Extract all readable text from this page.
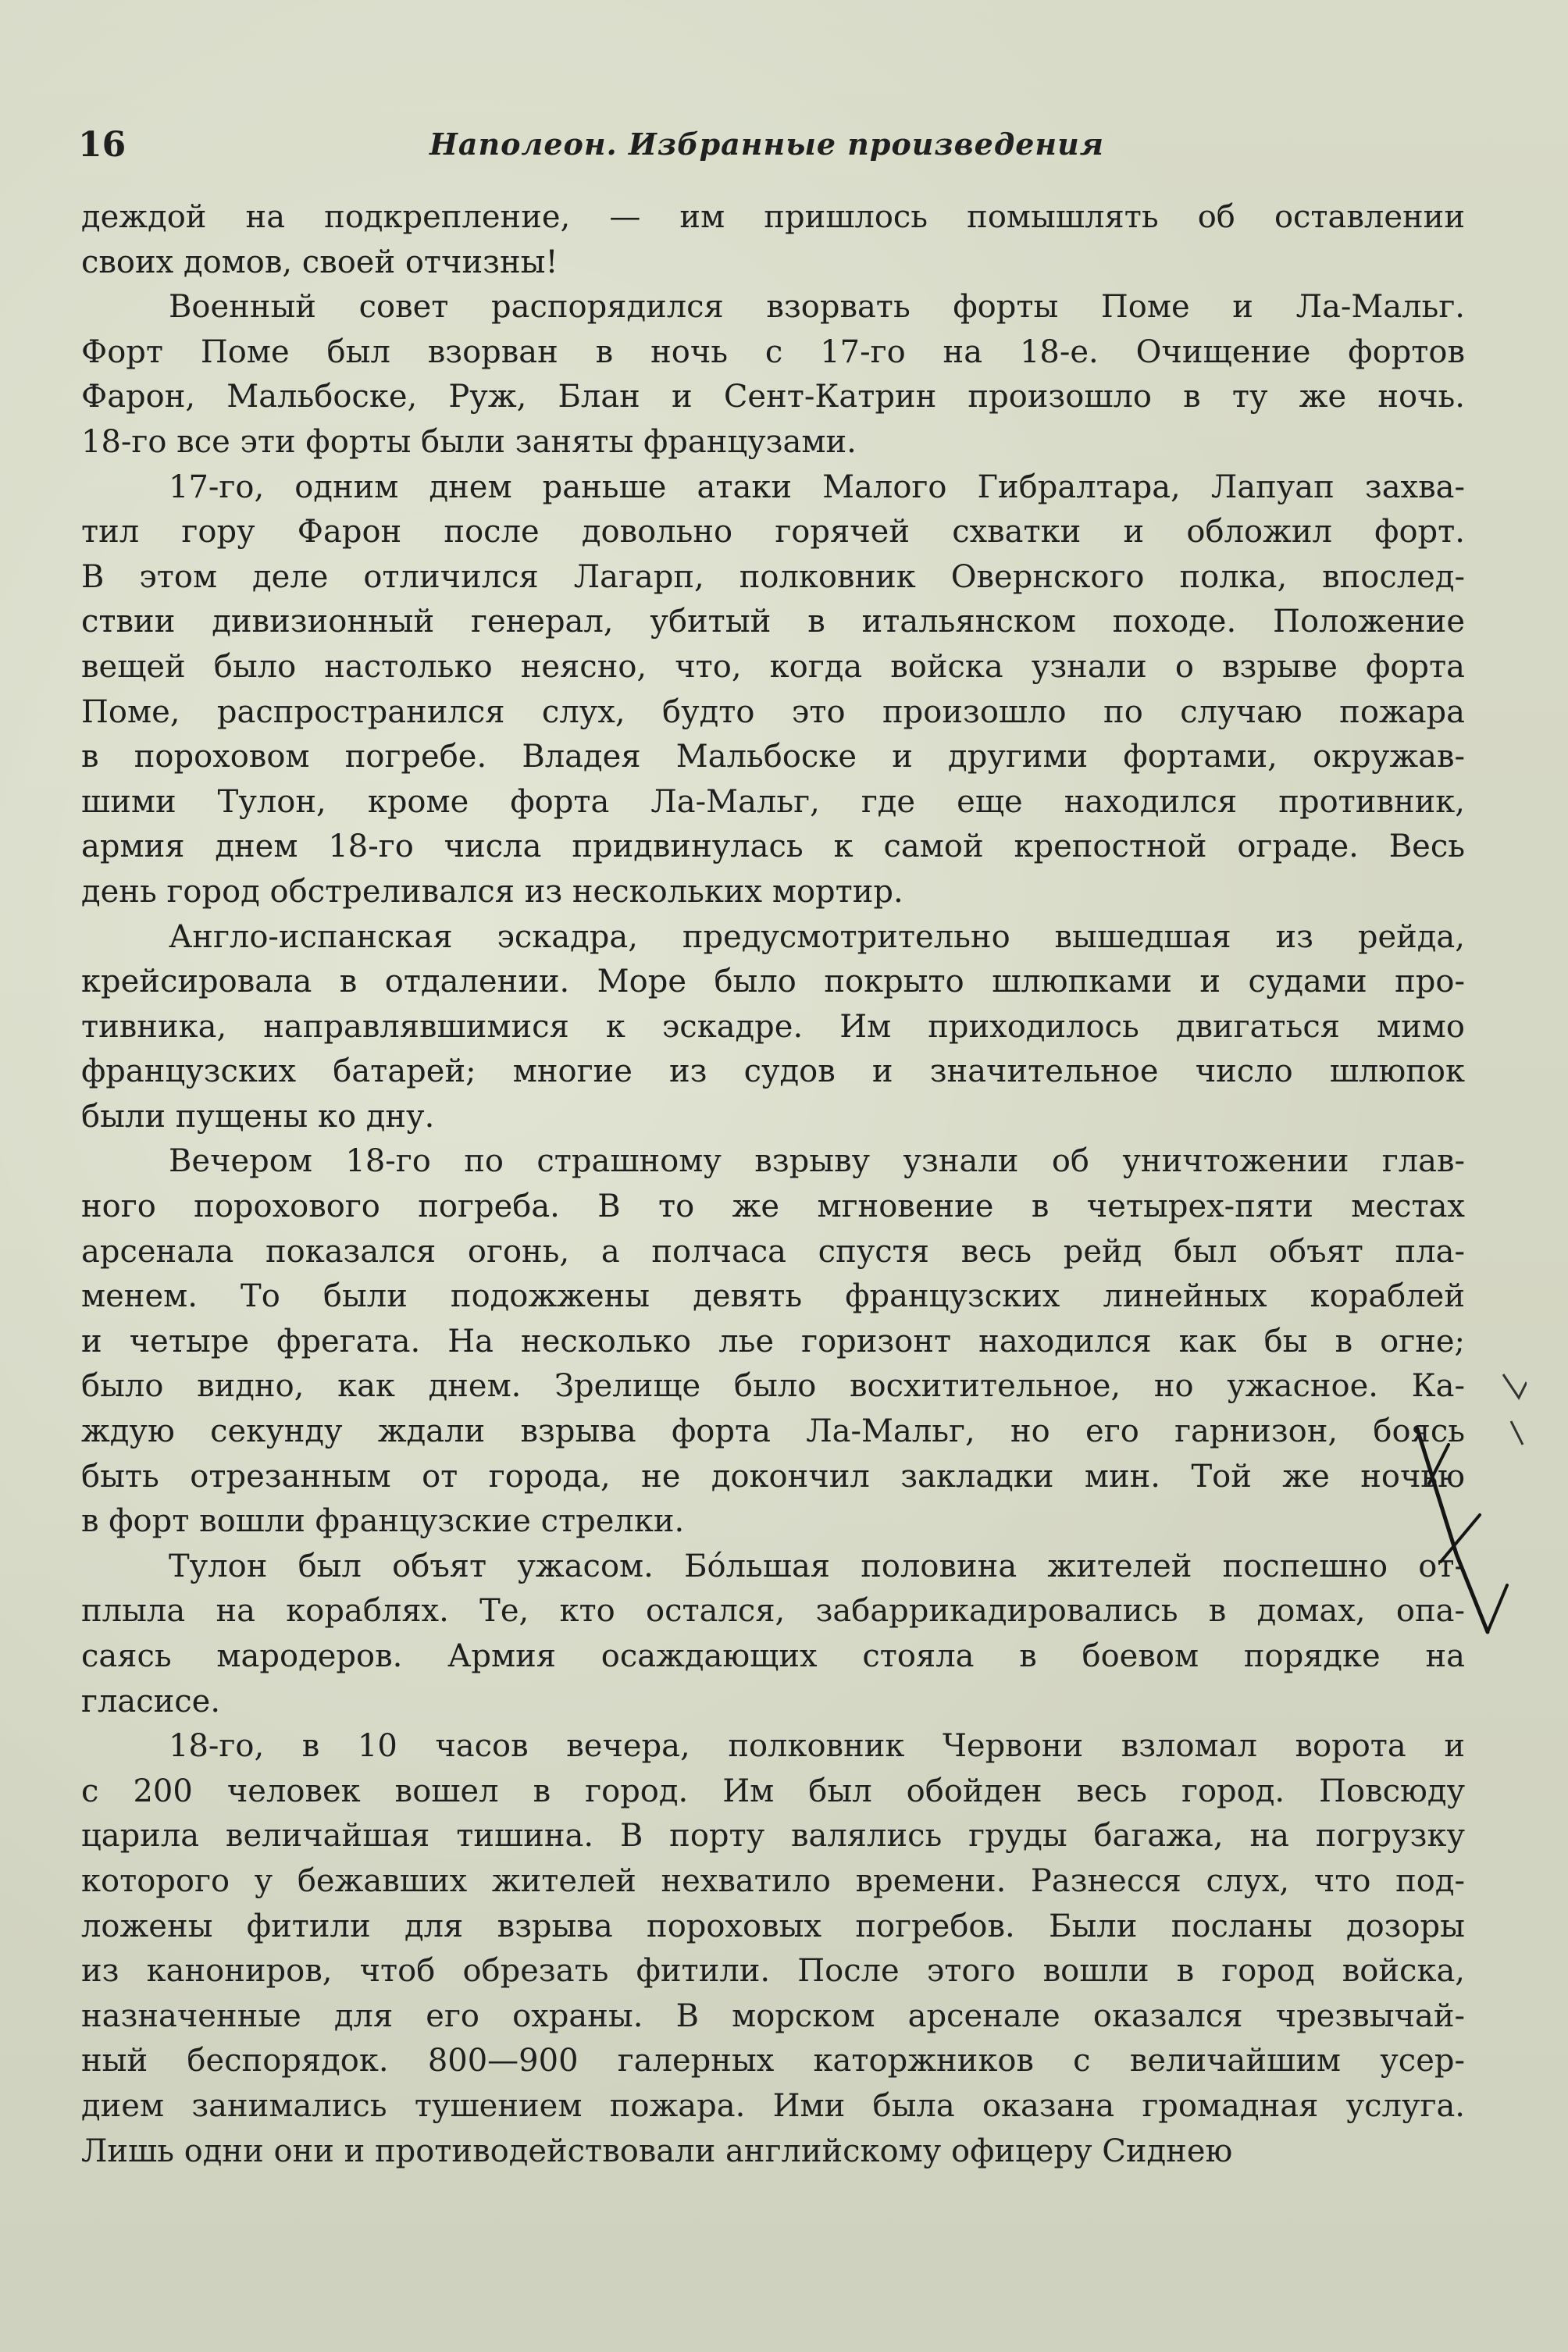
16	Наполеон. Избранные произведения
деждой на подкрепление, — им пришлось помышлять об оставлении
своих домов, своей отчизны!
Военный совет распорядился взорвать форты Поме и Ла-Мальг.
Форт Поме был взорван в ночь с 17-го на 18-е. Очищение фортов
Фарон, Мальбоске, Руж, Блан и Сент-Катрин произошло в ту же ночь.
18-го все эти форты были заняты французами.
17-го, одним днем раньше атаки Малого Гибралтара, Лапуап захва-
тил гору Фарон после довольно горячей схватки и обложил форт.
В этом деле отличился Лагарп, полковник Овернского полка, впослед-
ствии дивизионный генерал, убитый в итальянском походе. Положение
вещей было настолько неясно, что, когда войска узнали о взрыве форта
Поме, распространился слух, будто это произошло по случаю пожара
в пороховом погребе. Владея Мальбоске и другими фортами, окружав-
шими Тулон, кроме форта Ла-Мальг, где еще находился противник,
армия днем 18-го числа придвинулась к самой крепостной ограде. Весь
день город обстреливался из нескольких мортир.
Англо-испанская эскадра, предусмотрительно вышедшая из рейда,
крейсировала в отдалении. Море было покрыто шлюпками и судами про-
тивника, направлявшимися к эскадре. Им приходилось двигаться мимо
французских батарей; многие из судов и значительное число шлюпок
были пущены ко дну.
Вечером 18-го по страшному взрыву узнали об уничтожении глав-
ного порохового погреба. В то же мгновение в четырех-пяти местах
арсенала показался огонь, а полчаса спустя весь рейд был объят пла-
менем. То были подожжены девять французских линейных кораблей
и четыре фрегата. На несколько лье горизонт находился как бы в огне;
было видно, как днем. Зрелище было восхитительное, но ужасное. Ка-
ждую секунду ждали взрыва форта Ла-Мальг, но его гарнизон, боясь
быть отрезанным от города, не докончил закладки мин. Той же ночью
в форт вошли французские стрелки.
Тулон был объят ужасом. Бóльшая половина жителей поспешно от-
плыла на кораблях. Те, кто остался, забаррикадировались в домах, опа-
саясь мародеров. Армия осаждающих стояла в боевом порядке на
гласисе.
18-го, в 10 часов вечера, полковник Червони взломал ворота и
с 200 человек вошел в город. Им был обойден весь город. Повсюду
царила величайшая тишина. В порту валялись груды багажа, на погрузку
которого у бежавших жителей нехватило времени. Разнесся слух, что под-
ложены фитили для взрыва пороховых погребов. Были посланы дозоры
из канониров, чтоб обрезать фитили. После этого вошли в город войска,
назначенные для его охраны. В морском арсенале оказался чрезвычай-
ный беспорядок. 800—900 галерных каторжников с величайшим усер-
дием занимались тушением пожара. Ими была оказана громадная услуга.
Лишь одни они и противодействовали английскому офицеру Сиднею
